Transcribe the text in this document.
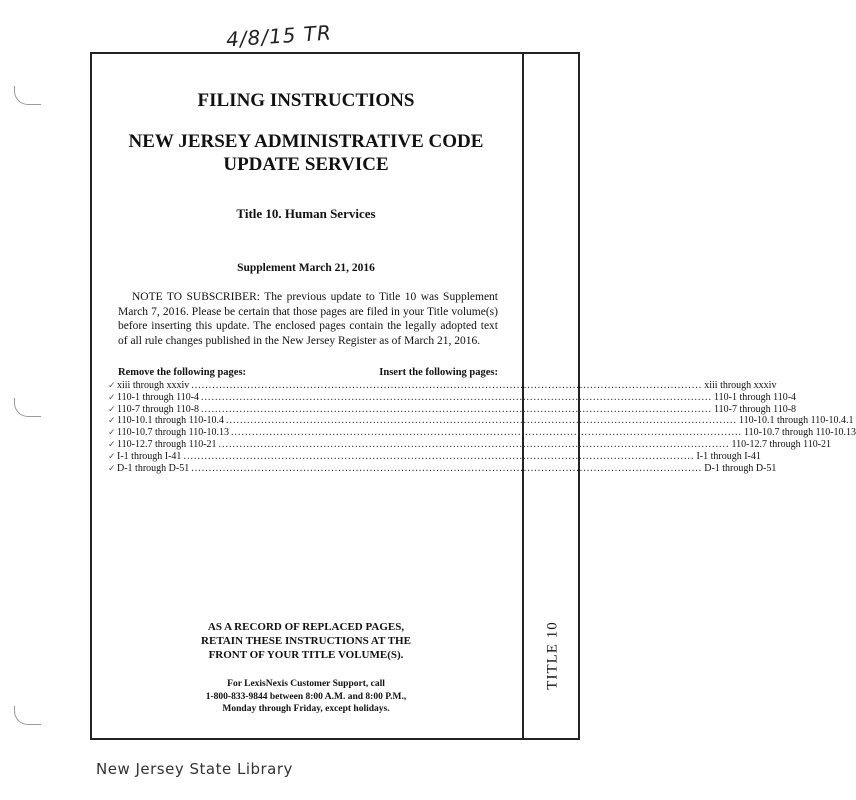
4/8/15 TR
TITLE 10
FILING INSTRUCTIONS
NEW JERSEY ADMINISTRATIVE CODE
UPDATE SERVICE
Title 10. Human Services
Supplement March 21, 2016
NOTE TO SUBSCRIBER: The previous update to Title 10 was Supplement March 7, 2016. Please be certain that those pages are filed in your Title volume(s) before inserting this update. The enclosed pages contain the legally adopted text of all rule changes published in the New Jersey Register as of March 21, 2016.
Remove the following pages:	Insert the following pages:
✓ xiii through xxxiv .................................................................................................................................................. xiii through xxxiv
✓ 110-1 through 110-4 .................................................................................................................................................. 110-1 through 110-4
✓ 110-7 through 110-8 .................................................................................................................................................. 110-7 through 110-8
✓ 110-10.1 through 110-10.4 .................................................................................................................................................. 110-10.1 through 110-10.4.1
✓ 110-10.7 through 110-10.13 .................................................................................................................................................. 110-10.7 through 110-10.13
✓ 110-12.7 through 110-21 .................................................................................................................................................. 110-12.7 through 110-21
✓ I-1 through I-41 .................................................................................................................................................. I-1 through I-41
✓ D-1 through D-51 .................................................................................................................................................. D-1 through D-51
AS A RECORD OF REPLACED PAGES,
RETAIN THESE INSTRUCTIONS AT THE
FRONT OF YOUR TITLE VOLUME(S).
For LexisNexis Customer Support, call
1-800-833-9844 between 8:00 A.M. and 8:00 P.M.,
Monday through Friday, except holidays.
New Jersey State Library
